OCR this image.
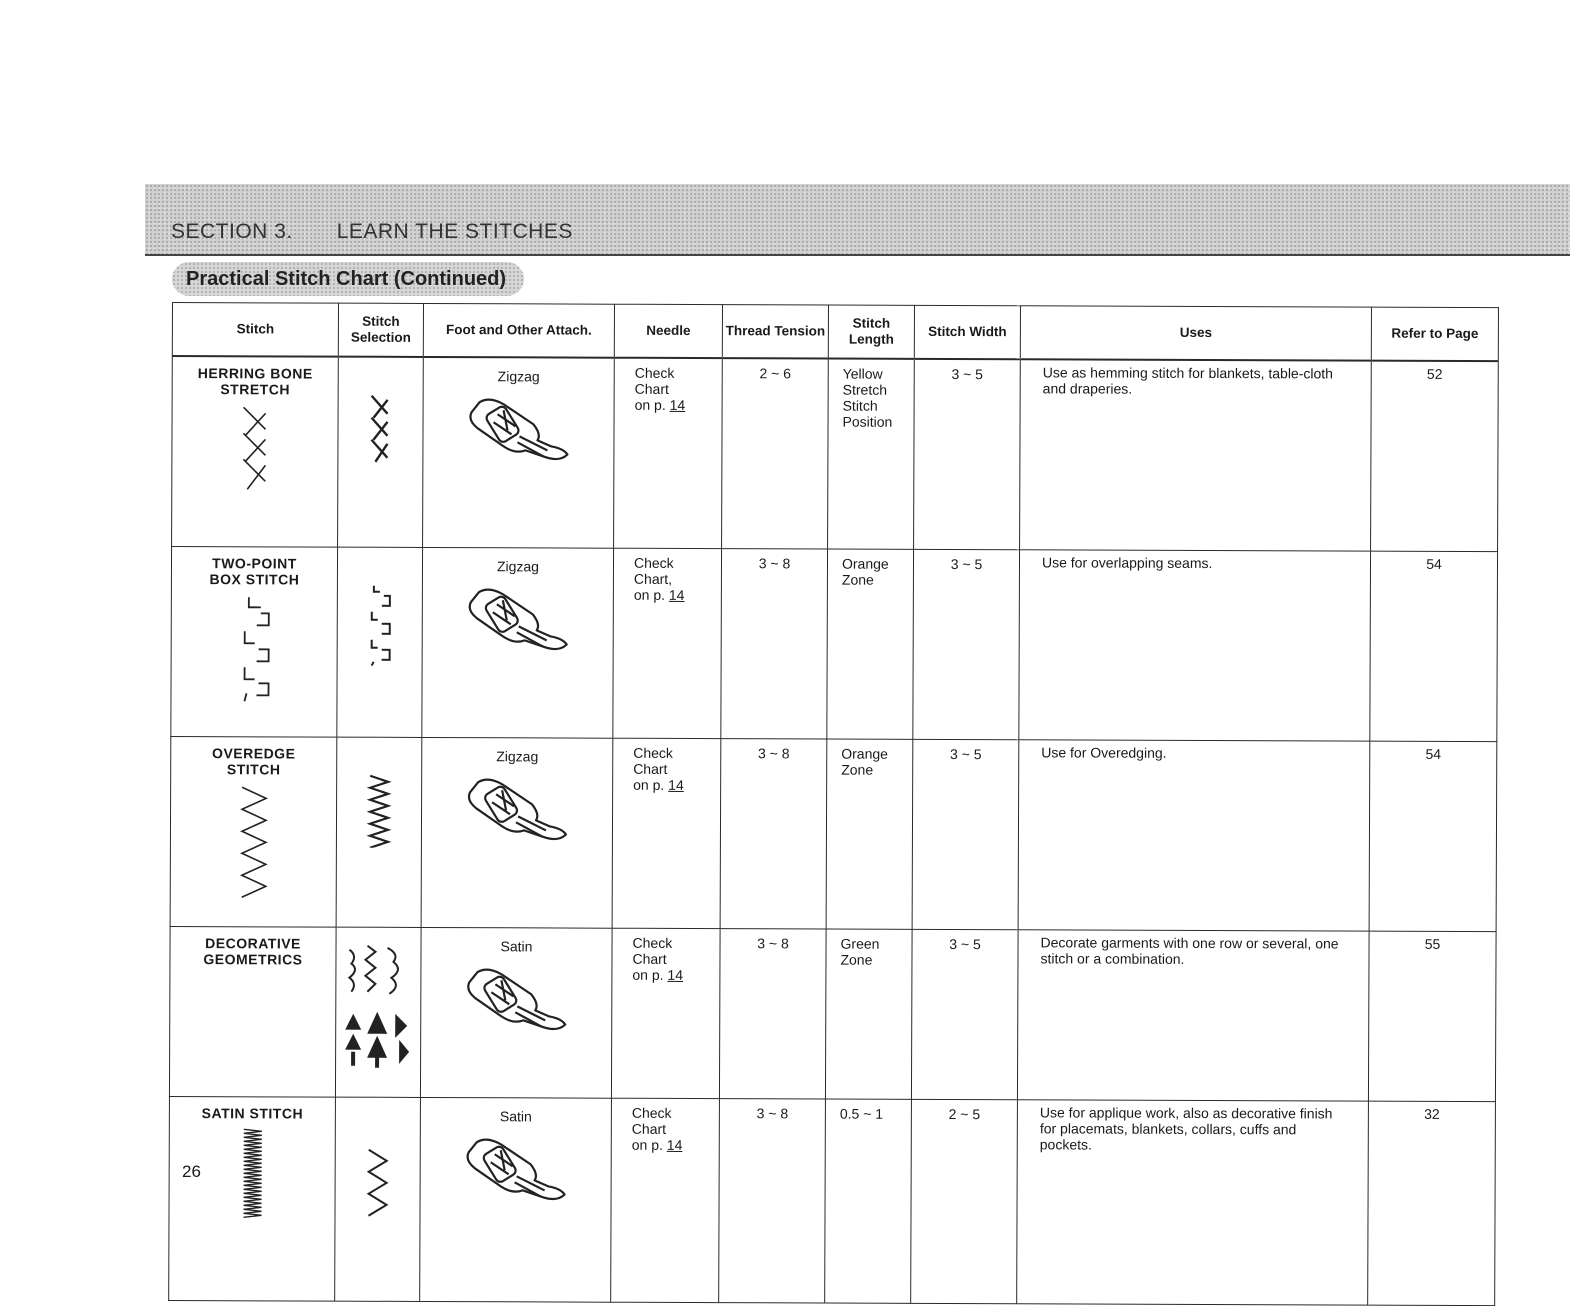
SECTION 3. LEARN THE STITCHES
Practical Stitch Chart (Continued)
Stitch	Stitch Selection	Foot and Other Attach.	Needle	Thread Tension	Stitch Length	Stitch Width	Uses	Refer to Page

HERRING BONE
STRETCH		Zigzag	Check
Chart
on p. 14	2 ~ 6	Yellow
Stretch
Stitch
Position	3 ~ 5	Use as hemming stitch for blankets, table-cloth and draperies.	52

TWO-POINT
BOX STITCH		Zigzag	Check
Chart,
on p. 14	3 ~ 8	Orange
Zone	3 ~ 5	Use for overlapping seams.	54

OVEREDGE
STITCH		Zigzag	Check
Chart
on p. 14	3 ~ 8	Orange
Zone	3 ~ 5	Use for Overedging.	54

DECORATIVE
GEOMETRICS		Satin	Check
Chart
on p. 14	3 ~ 8	Green
Zone	3 ~ 5	Decorate garments with one row or several, one stitch or a combination.	55

SATIN STITCH		Satin	Check
Chart
on p. 14	3 ~ 8	0.5 ~ 1	2 ~ 5	Use for applique work, also as decorative finish for placemats, blankets, collars, cuffs and pockets.	32
26
